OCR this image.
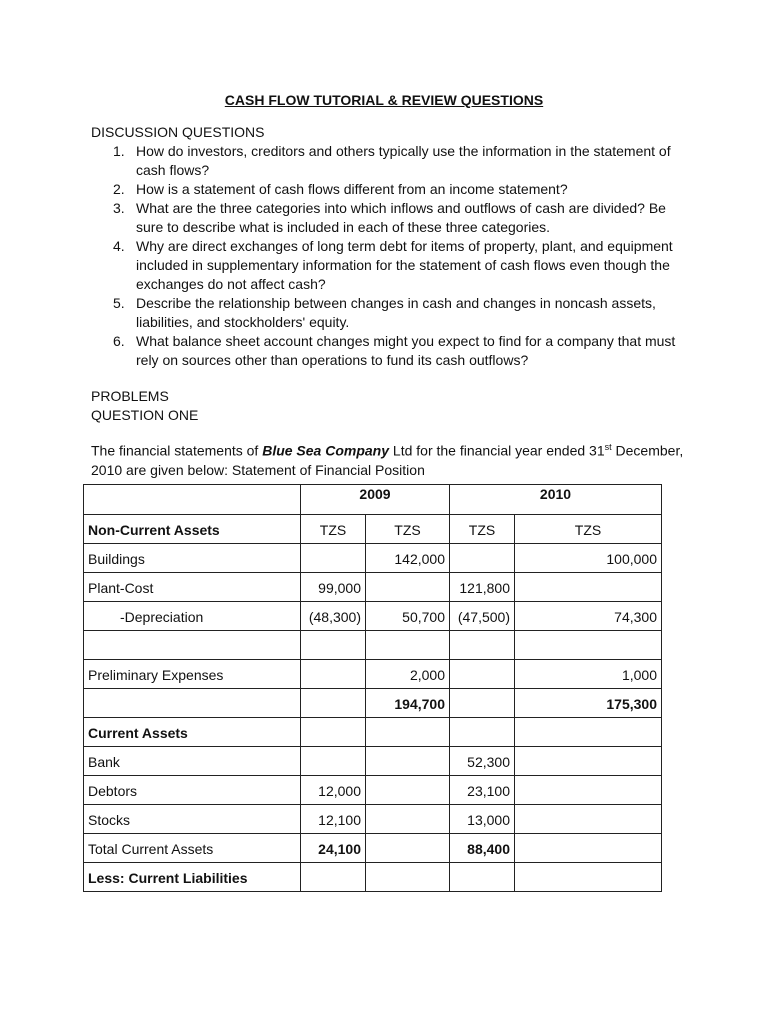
CASH FLOW TUTORIAL & REVIEW QUESTIONS
DISCUSSION QUESTIONS
1. How do investors, creditors and others typically use the information in the statement of cash flows?
2. How is a statement of cash flows different from an income statement?
3. What are the three categories into which inflows and outflows of cash are divided? Be sure to describe what is included in each of these three categories.
4. Why are direct exchanges of long term debt for items of property, plant, and equipment included in supplementary information for the statement of cash flows even though the exchanges do not affect cash?
5. Describe the relationship between changes in cash and changes in noncash assets, liabilities, and stockholders' equity.
6. What balance sheet account changes might you expect to find for a company that must rely on sources other than operations to fund its cash outflows?
PROBLEMS
QUESTION ONE
The financial statements of Blue Sea Company Ltd for the financial year ended 31st December, 2010 are given below: Statement of Financial Position
	2009		2010	
Non-Current Assets	TZS	TZS	TZS	TZS
Buildings		142,000		100,000
Plant-Cost	99,000		121,800	
-Depreciation	(48,300)	50,700	(47,500)	74,300

Preliminary Expenses		2,000		1,000
		194,700		175,300
Current Assets				
Bank			52,300	
Debtors	12,000		23,100	
Stocks	12,100		13,000	
Total Current Assets	24,100		88,400	
Less: Current Liabilities				
